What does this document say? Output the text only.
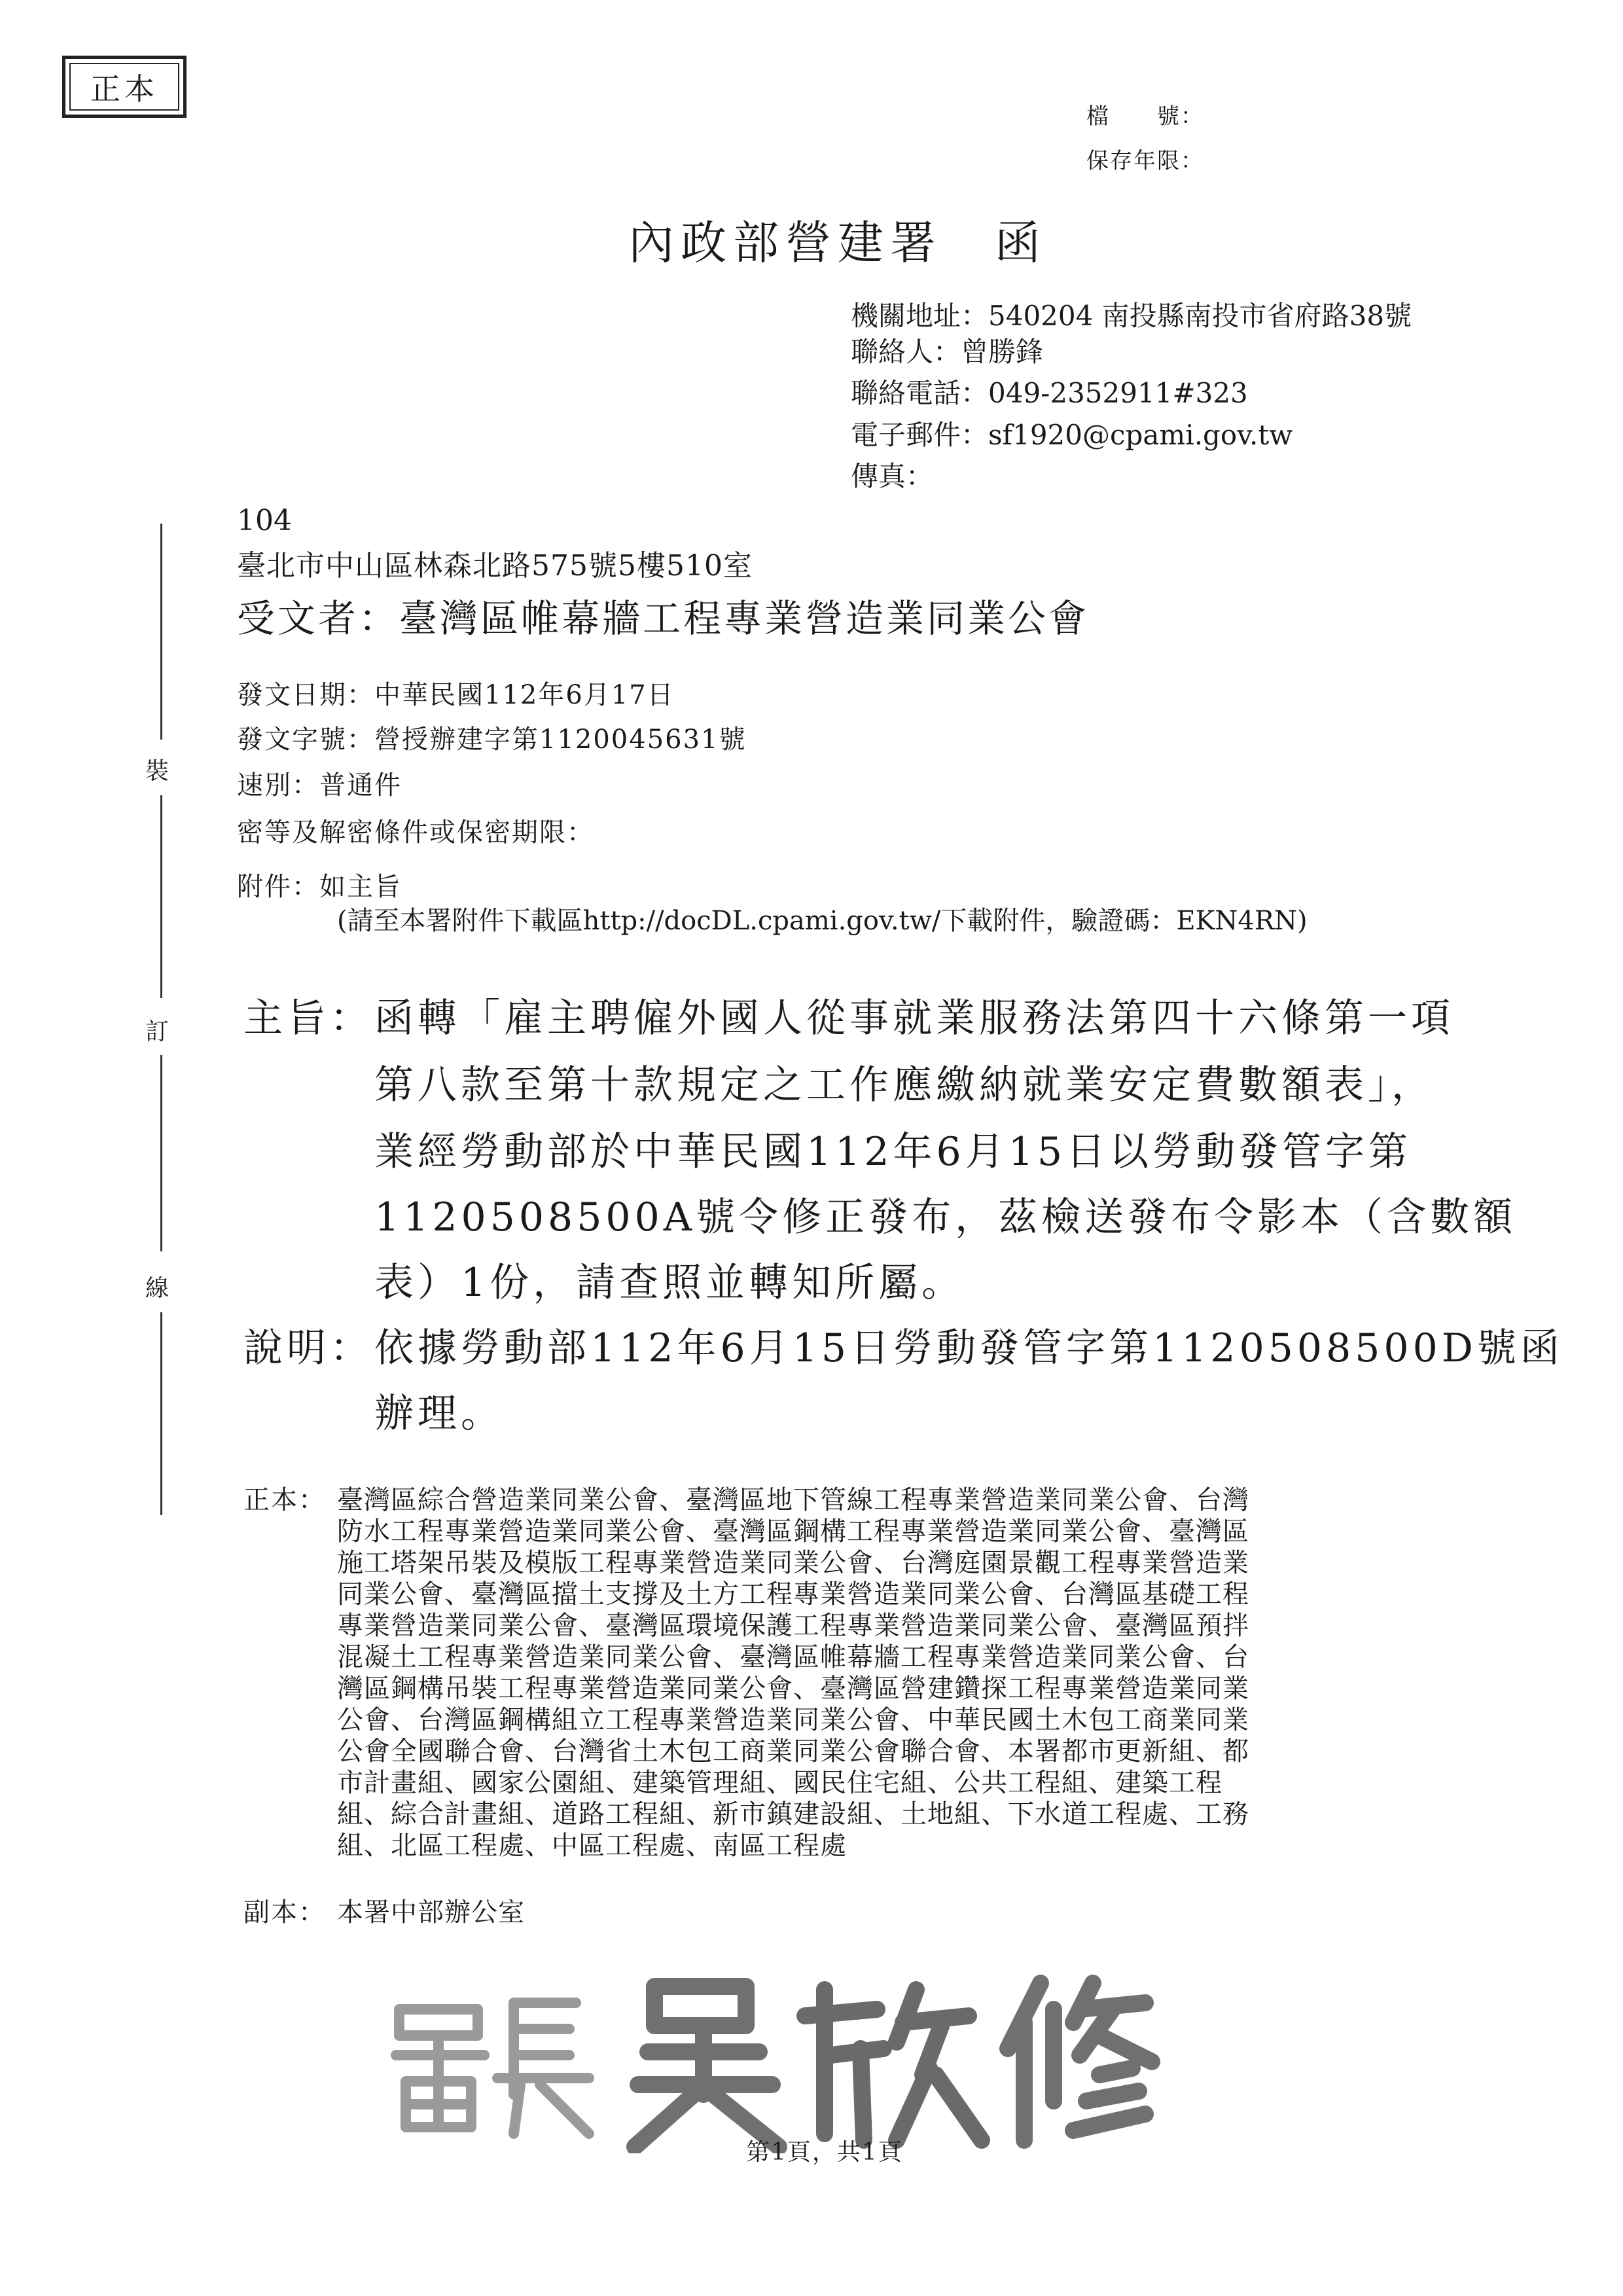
正本
檔　　號：
保存年限：
內政部營建署　函
機關地址：540204 南投縣南投市省府路38號
聯絡人：曾勝鋒
聯絡電話：049-2352911#323
電子郵件：sf1920@cpami.gov.tw
傳真：
104
臺北市中山區林森北路575號5樓510室
受文者：臺灣區帷幕牆工程專業營造業同業公會
發文日期：中華民國112年6月17日
發文字號：營授辦建字第1120045631號
速別：普通件
密等及解密條件或保密期限：
附件：如主旨
(請至本署附件下載區http://docDL.cpami.gov.tw/下載附件，驗證碼：EKN4RN)
主旨： 函轉「雇主聘僱外國人從事就業服務法第四十六條第一項
第八款至第十款規定之工作應繳納就業安定費數額表」，
業經勞動部於中華民國112年6月15日以勞動發管字第
1120508500A號令修正發布，茲檢送發布令影本（含數額
表）1份，請查照並轉知所屬。
說明： 依據勞動部112年6月15日勞動發管字第1120508500D號函
辦理。
正本： 臺灣區綜合營造業同業公會、臺灣區地下管線工程專業營造業同業公會、台灣
防水工程專業營造業同業公會、臺灣區鋼構工程專業營造業同業公會、臺灣區
施工塔架吊裝及模版工程專業營造業同業公會、台灣庭園景觀工程專業營造業
同業公會、臺灣區擋土支撐及土方工程專業營造業同業公會、台灣區基礎工程
專業營造業同業公會、臺灣區環境保護工程專業營造業同業公會、臺灣區預拌
混凝土工程專業營造業同業公會、臺灣區帷幕牆工程專業營造業同業公會、台
灣區鋼構吊裝工程專業營造業同業公會、臺灣區營建鑽探工程專業營造業同業
公會、台灣區鋼構組立工程專業營造業同業公會、中華民國土木包工商業同業
公會全國聯合會、台灣省土木包工商業同業公會聯合會、本署都市更新組、都
市計畫組、國家公園組、建築管理組、國民住宅組、公共工程組、建築工程
組、綜合計畫組、道路工程組、新市鎮建設組、土地組、下水道工程處、工務
組、北區工程處、中區工程處、南區工程處
副本： 本署中部辦公室
裝
訂
線
第1頁，共1頁
